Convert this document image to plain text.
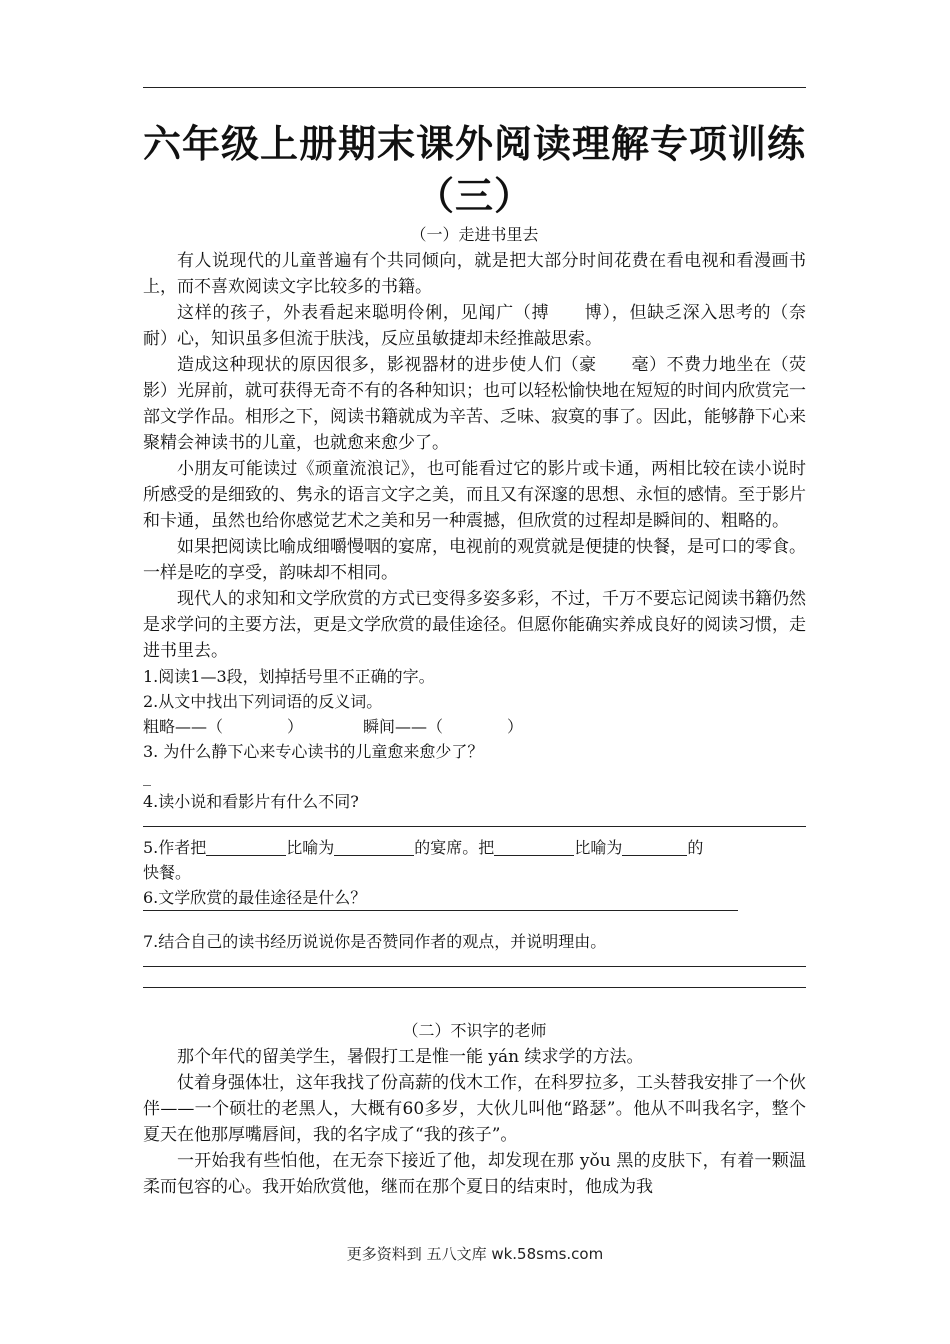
六年级上册期末课外阅读理解专项训练（三）
（一）走进书里去

有人说现代的儿童普遍有个共同倾向，就是把大部分时间花费在看电视和看漫画书上，而不喜欢阅读文字比较多的书籍。

这样的孩子，外表看起来聪明伶俐，见闻广（搏　　博），但缺乏深入思考的（奈　　耐）心，知识虽多但流于肤浅，反应虽敏捷却未经推敲思索。

造成这种现状的原因很多，影视器材的进步使人们（豪　　毫）不费力地坐在（荧　　影）光屏前，就可获得无奇不有的各种知识；也可以轻松愉快地在短短的时间内欣赏完一部文学作品。相形之下，阅读书籍就成为辛苦、乏味、寂寞的事了。因此，能够静下心来聚精会神读书的儿童，也就愈来愈少了。

小朋友可能读过《顽童流浪记》，也可能看过它的影片或卡通，两相比较在读小说时所感受的是细致的、隽永的语言文字之美，而且又有深邃的思想、永恒的感情。至于影片和卡通，虽然也给你感觉艺术之美和另一种震撼，但欣赏的过程却是瞬间的、粗略的。

如果把阅读比喻成细嚼慢咽的宴席，电视前的观赏就是便捷的快餐，是可口的零食。一样是吃的享受，韵味却不相同。

现代人的求知和文学欣赏的方式已变得多姿多彩，不过，千万不要忘记阅读书籍仍然是求学问的主要方法，更是文学欣赏的最佳途径。但愿你能确实养成良好的阅读习惯，走进书里去。

1.阅读1—3段，划掉括号里不正确的字。

2.从文中找出下列词语的反义词。

粗略——（　　　　）	瞬间——（　　　　）

3. 为什么静下心来专心读书的儿童愈来愈少了？

_

4.读小说和看影片有什么不同?

5.作者把	比喻为	的宴席。把	比喻为	的

快餐。

6.文学欣赏的最佳途径是什么？

7.结合自己的读书经历说说你是否赞同作者的观点，并说明理由。

（二）不识字的老师

那个年代的留美学生，暑假打工是惟一能 yán 续求学的方法。

仗着身强体壮，这年我找了份高薪的伐木工作，在科罗拉多，工头替我安排了一个伙伴——一个硕壮的老黑人，大概有60多岁，大伙儿叫他“路瑟”。他从不叫我名字，整个夏天在他那厚嘴唇间，我的名字成了“我的孩子”。

一开始我有些怕他，在无奈下接近了他，却发现在那 yǒu 黑的皮肤下，有着一颗温柔而包容的心。我开始欣赏他，继而在那个夏日的结束时，他成为我

更多资料到 五八文库 wk.58sms.com
